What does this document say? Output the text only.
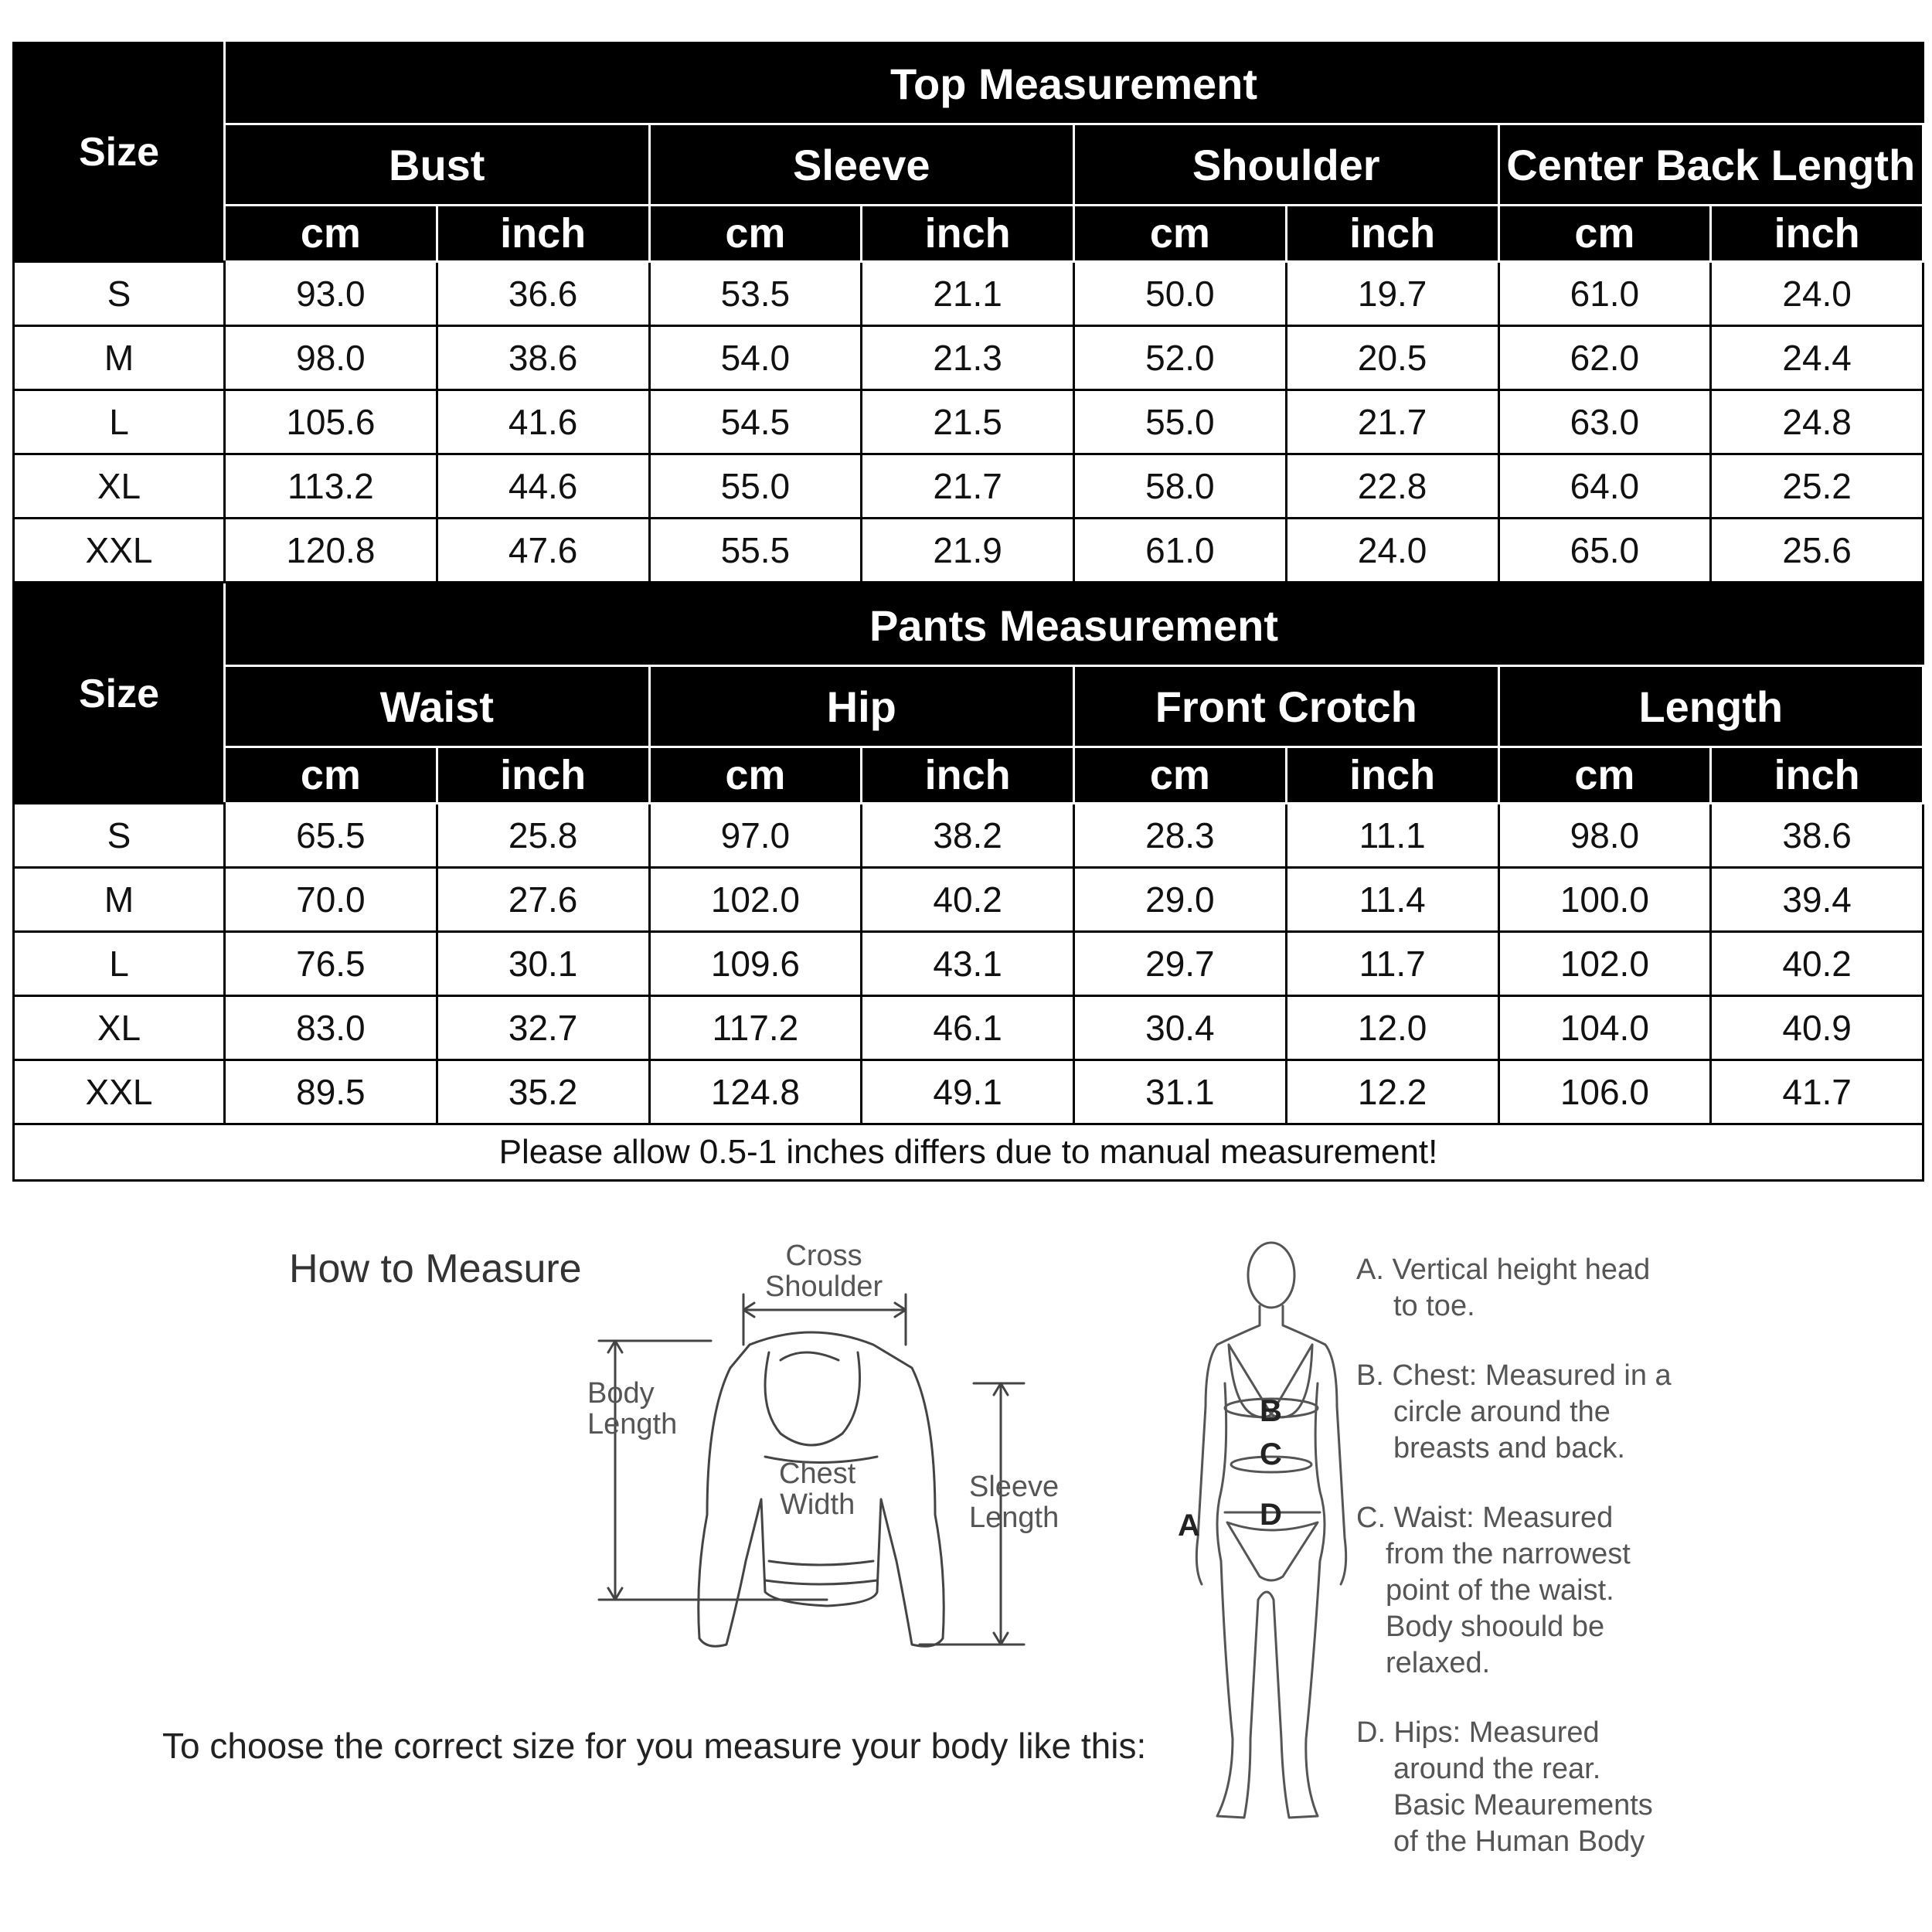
Size	Top Measurement							
	Bust		Sleeve		Shoulder		Center Back Length	
	cm	inch	cm	inch	cm	inch	cm	inch
S	93.0	36.6	53.5	21.1	50.0	19.7	61.0	24.0
M	98.0	38.6	54.0	21.3	52.0	20.5	62.0	24.4
L	105.6	41.6	54.5	21.5	55.0	21.7	63.0	24.8
XL	113.2	44.6	55.0	21.7	58.0	22.8	64.0	25.2
XXL	120.8	47.6	55.5	21.9	61.0	24.0	65.0	25.6
Size	Pants Measurement							
	Waist		Hip		Front Crotch		Length	
	cm	inch	cm	inch	cm	inch	cm	inch
S	65.5	25.8	97.0	38.2	28.3	11.1	98.0	38.6
M	70.0	27.6	102.0	40.2	29.0	11.4	100.0	39.4
L	76.5	30.1	109.6	43.1	29.7	11.7	102.0	40.2
XL	83.0	32.7	117.2	46.1	30.4	12.0	104.0	40.9
XXL	89.5	35.2	124.8	49.1	31.1	12.2	106.0	41.7
Please allow 0.5-1 inches differs due to manual measurement!								
How to Measure
To choose the correct size for you measure your body like this:
Cross
Shoulder
Body
Length
Chest
Width
Sleeve
Length
B
C
D
A
A. Vertical height head
to toe.
B. Chest: Measured in a
circle around the
breasts and back.
C. Waist: Measured
from the narrowest
point of the waist.
Body shoould be
relaxed.
D. Hips: Measured
around the rear.
Basic Meaurements
of the Human Body
